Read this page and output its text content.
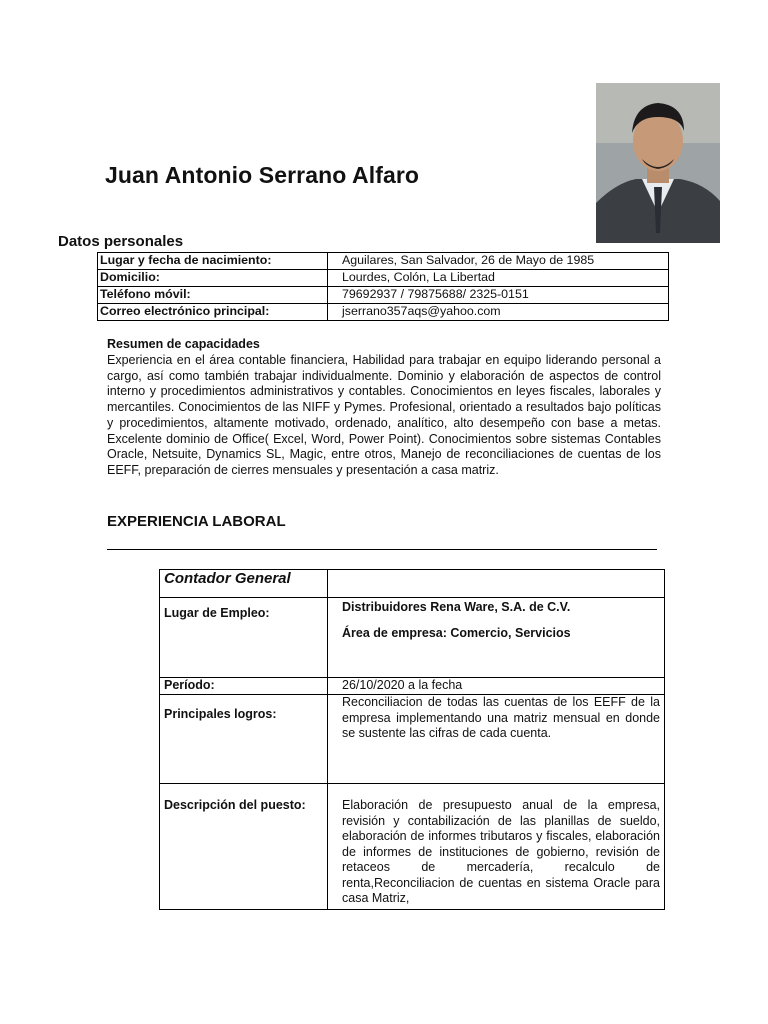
Juan Antonio Serrano Alfaro
Datos personales
Lugar y fecha de nacimiento:	Aguilares, San Salvador, 26 de Mayo de 1985
Domicilio:	Lourdes, Colón, La Libertad
Teléfono móvil:	79692937 / 79875688/ 2325-0151
Correo electrónico principal:	jserrano357aqs@yahoo.com
Resumen de capacidades
Experiencia en el área contable financiera, Habilidad para trabajar en equipo liderando personal a cargo, así como también trabajar individualmente. Dominio y elaboración de aspectos de control interno y procedimientos administrativos y contables. Conocimientos en leyes fiscales, laborales y mercantiles. Conocimientos de las NIFF y Pymes. Profesional, orientado a resultados bajo políticas y procedimientos, altamente motivado, ordenado, analítico, alto desempeño con base a metas. Excelente dominio de Office( Excel, Word, Power Point). Conocimientos sobre sistemas Contables Oracle, Netsuite, Dynamics SL, Magic, entre otros, Manejo de reconciliaciones de cuentas de los EEFF, preparación de cierres mensuales y presentación a casa matriz.
EXPERIENCIA LABORAL
Contador General	
Lugar de Empleo:	Distribuidores Rena Ware, S.A. de C.V.
Área de empresa: Comercio, Servicios

Período:	26/10/2020 a la fecha
Principales logros:	Reconciliacion de todas las cuentas de los EEFF de la empresa implementando una matriz mensual en donde se sustente las cifras de cada cuenta.
Descripción del puesto:	Elaboración de presupuesto anual de la empresa, revisión y contabilización de las planillas de sueldo, elaboración de informes tributaros y fiscales, elaboración de informes de instituciones de gobierno, revisión de retaceos de mercadería, recalculo de renta,Reconciliacion de cuentas en sistema Oracle para casa Matriz,
